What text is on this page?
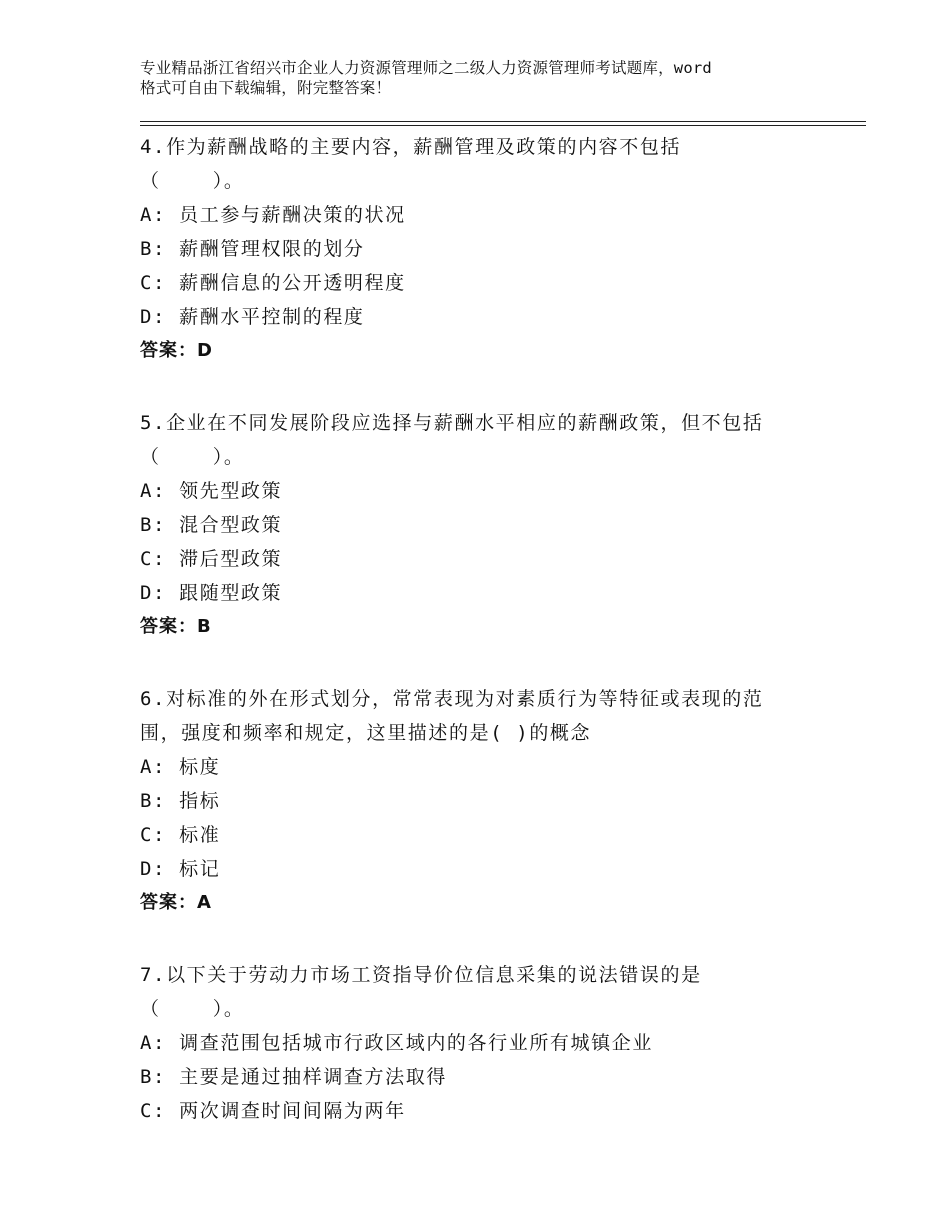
专业精品浙江省绍兴市企业人力资源管理师之二级人力资源管理师考试题库，word
格式可自由下载编辑，附完整答案！
4.作为薪酬战略的主要内容，薪酬管理及政策的内容不包括
（    ）。
A: 员工参与薪酬决策的状况
B: 薪酬管理权限的划分
C: 薪酬信息的公开透明程度
D: 薪酬水平控制的程度
答案：D
5.企业在不同发展阶段应选择与薪酬水平相应的薪酬政策，但不包括
（    ）。
A: 领先型政策
B: 混合型政策
C: 滞后型政策
D: 跟随型政策
答案：B
6.对标准的外在形式划分，常常表现为对素质行为等特征或表现的范
围，强度和频率和规定，这里描述的是( )的概念
A: 标度
B: 指标
C: 标准
D: 标记
答案：A
7.以下关于劳动力市场工资指导价位信息采集的说法错误的是
（    ）。
A: 调查范围包括城市行政区域内的各行业所有城镇企业
B: 主要是通过抽样调查方法取得
C: 两次调查时间间隔为两年
